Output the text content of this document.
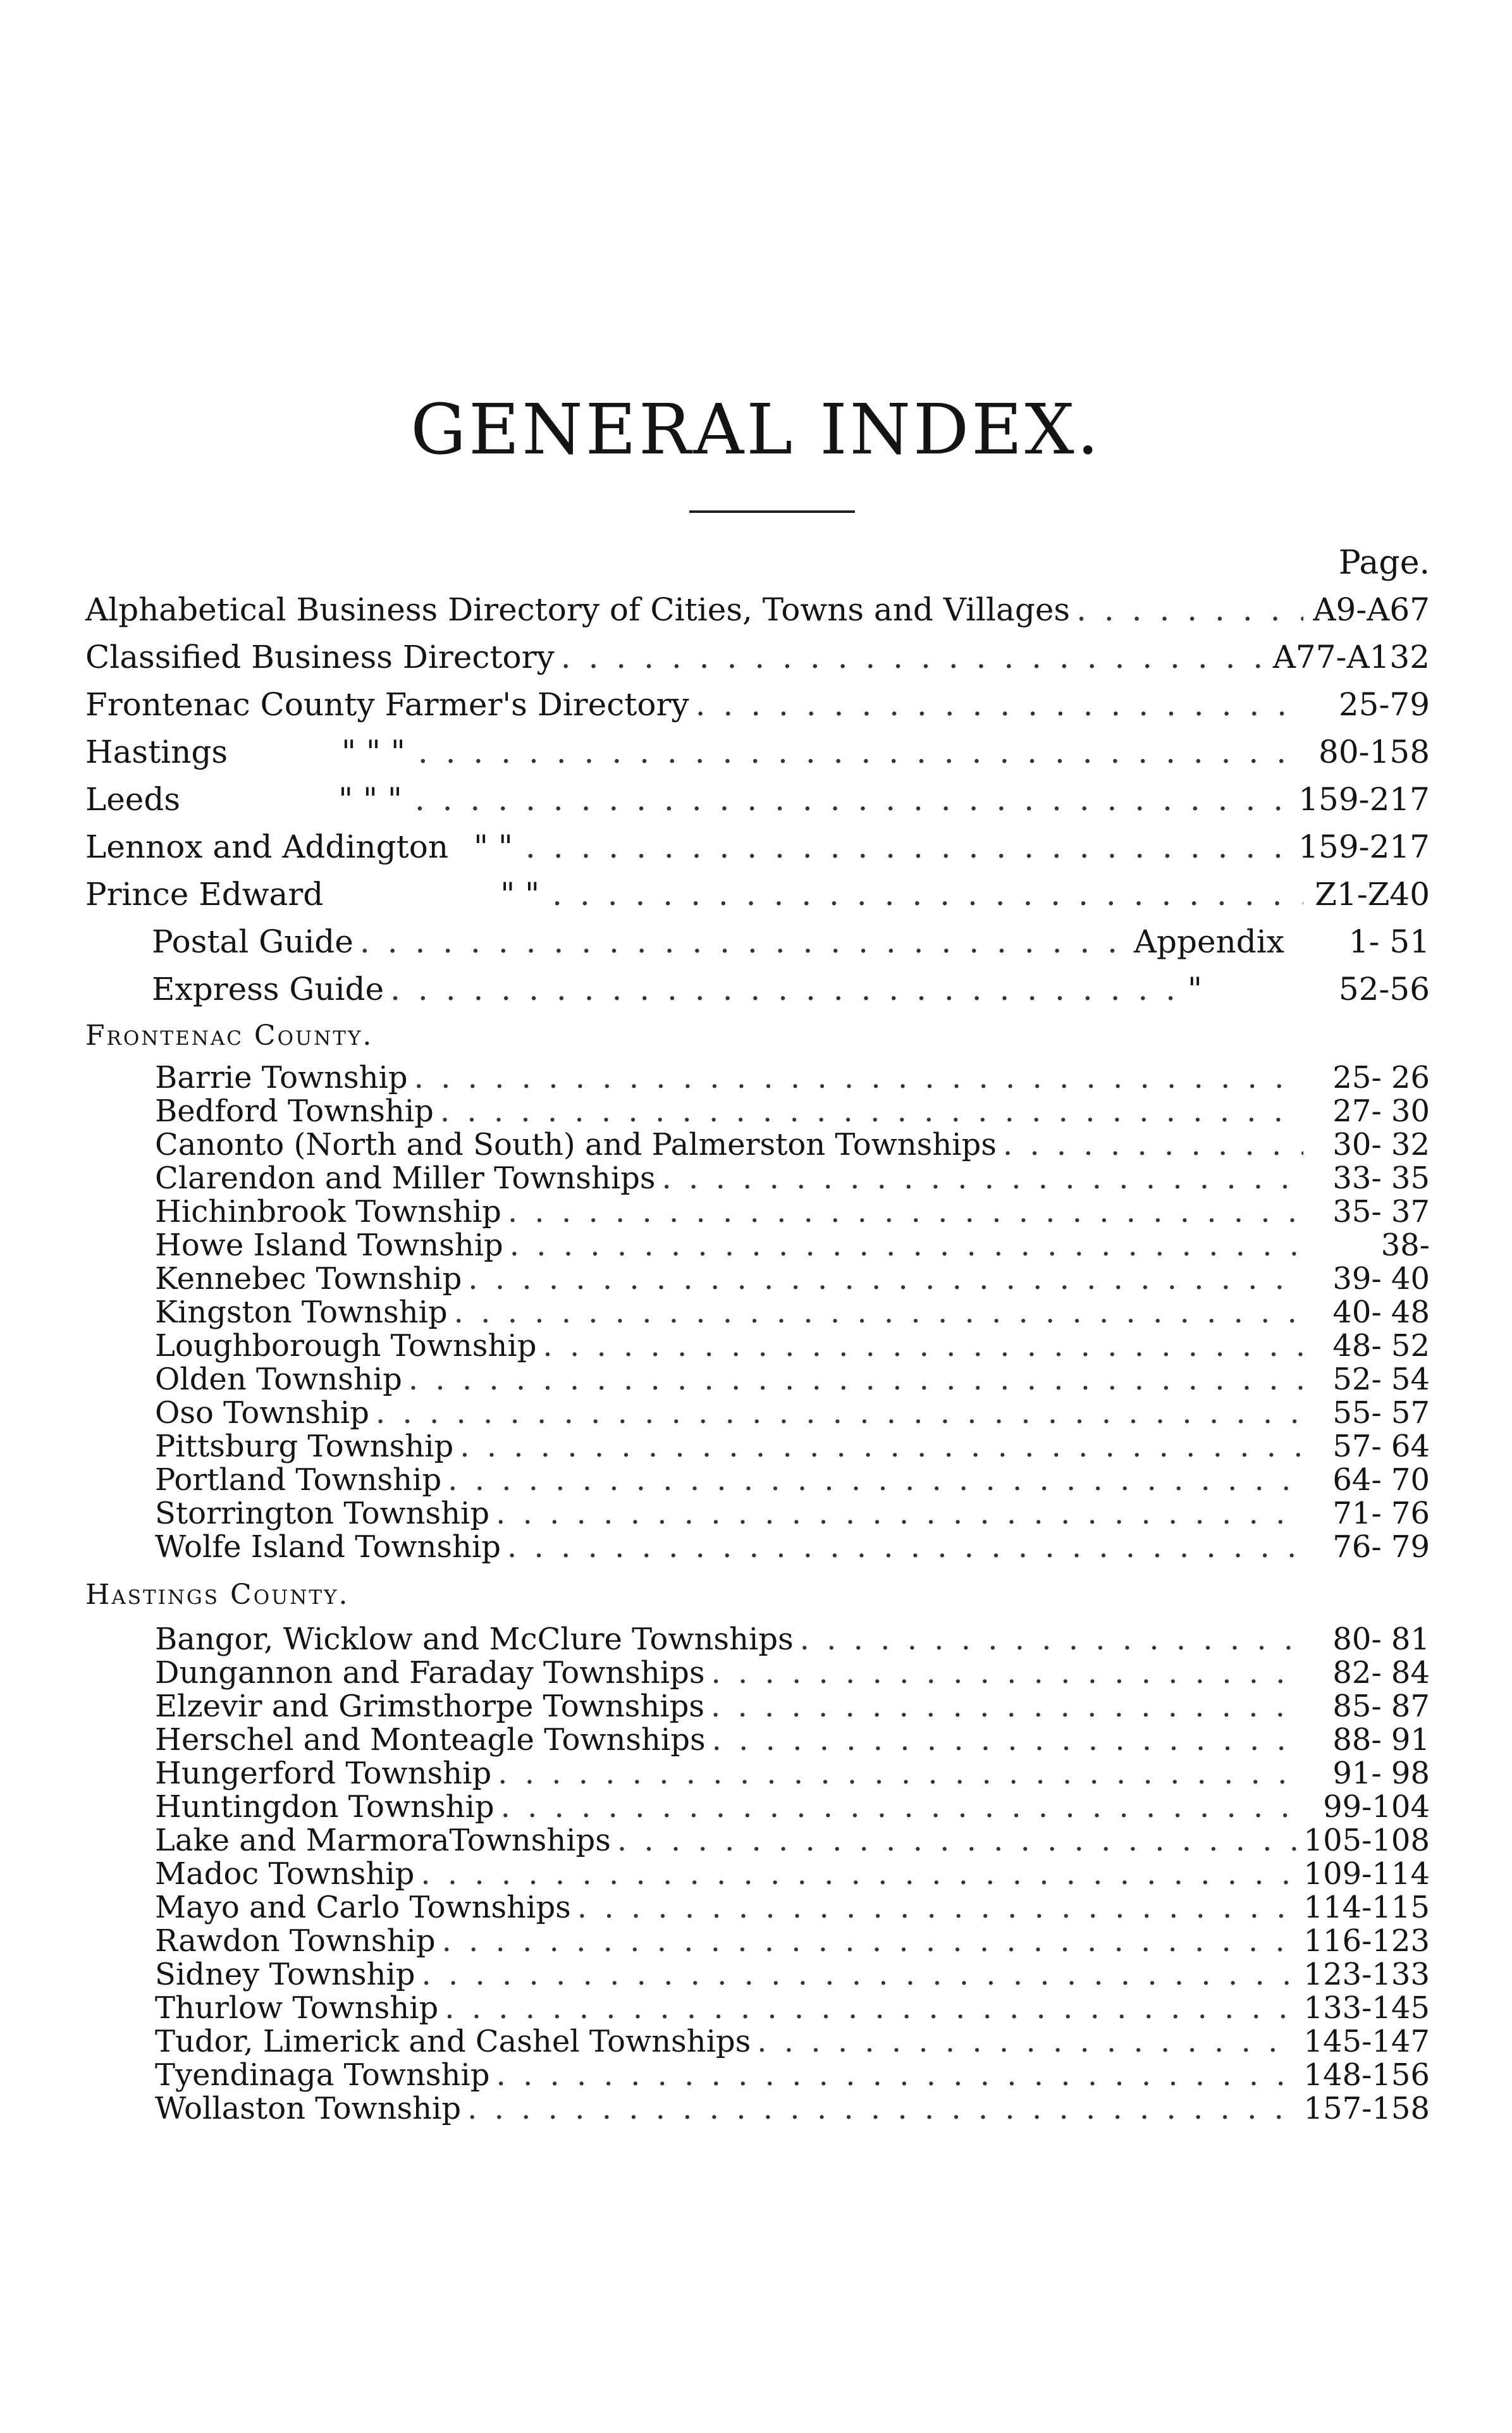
GENERAL INDEX.
Page.
Alphabetical Business Directory of Cities, Towns and Villages . . .	A9-A67
Classified Business Directory . . .	A77-A132
Frontenac County Farmer's Directory . . .	25-79
Hastings	" " " . . .	80-158
Leeds	" " " . . .	159-217
Lennox and Addington " " . . .	159-217
Prince Edward	" " . . .	Z1-Z40
Postal Guide . . .	Appendix	1- 51
Express Guide . . .	"	52-56
Frontenac County.
Barrie Township . . .	25- 26
Bedford Township . . .	27- 30
Canonto (North and South) and Palmerston Townships . . .	30- 32
Clarendon and Miller Townships . . .	33- 35
Hichinbrook Township . . .	35- 37
Howe Island Township . . .	38-
Kennebec Township . . .	39- 40
Kingston Township . . .	40- 48
Loughborough Township . . .	48- 52
Olden Township . . .	52- 54
Oso Township . . .	55- 57
Pittsburg Township . . .	57- 64
Portland Township . . .	64- 70
Storrington Township . . .	71- 76
Wolfe Island Township . . .	76- 79
Hastings County.
Bangor, Wicklow and McClure Townships . . .	80- 81
Dungannon and Faraday Townships . . .	82- 84
Elzevir and Grimsthorpe Townships . . .	85- 87
Herschel and Monteagle Townships . . .	88- 91
Hungerford Township . . .	91- 98
Huntingdon Township . . .	99-104
Lake and MarmoraTownships . . .	105-108
Madoc Township . . .	109-114
Mayo and Carlo Townships . . .	114-115
Rawdon Township . . .	116-123
Sidney Township . . .	123-133
Thurlow Township . . .	133-145
Tudor, Limerick and Cashel Townships . . .	145-147
Tyendinaga Township . . .	148-156
Wollaston Township . . .	157-158
